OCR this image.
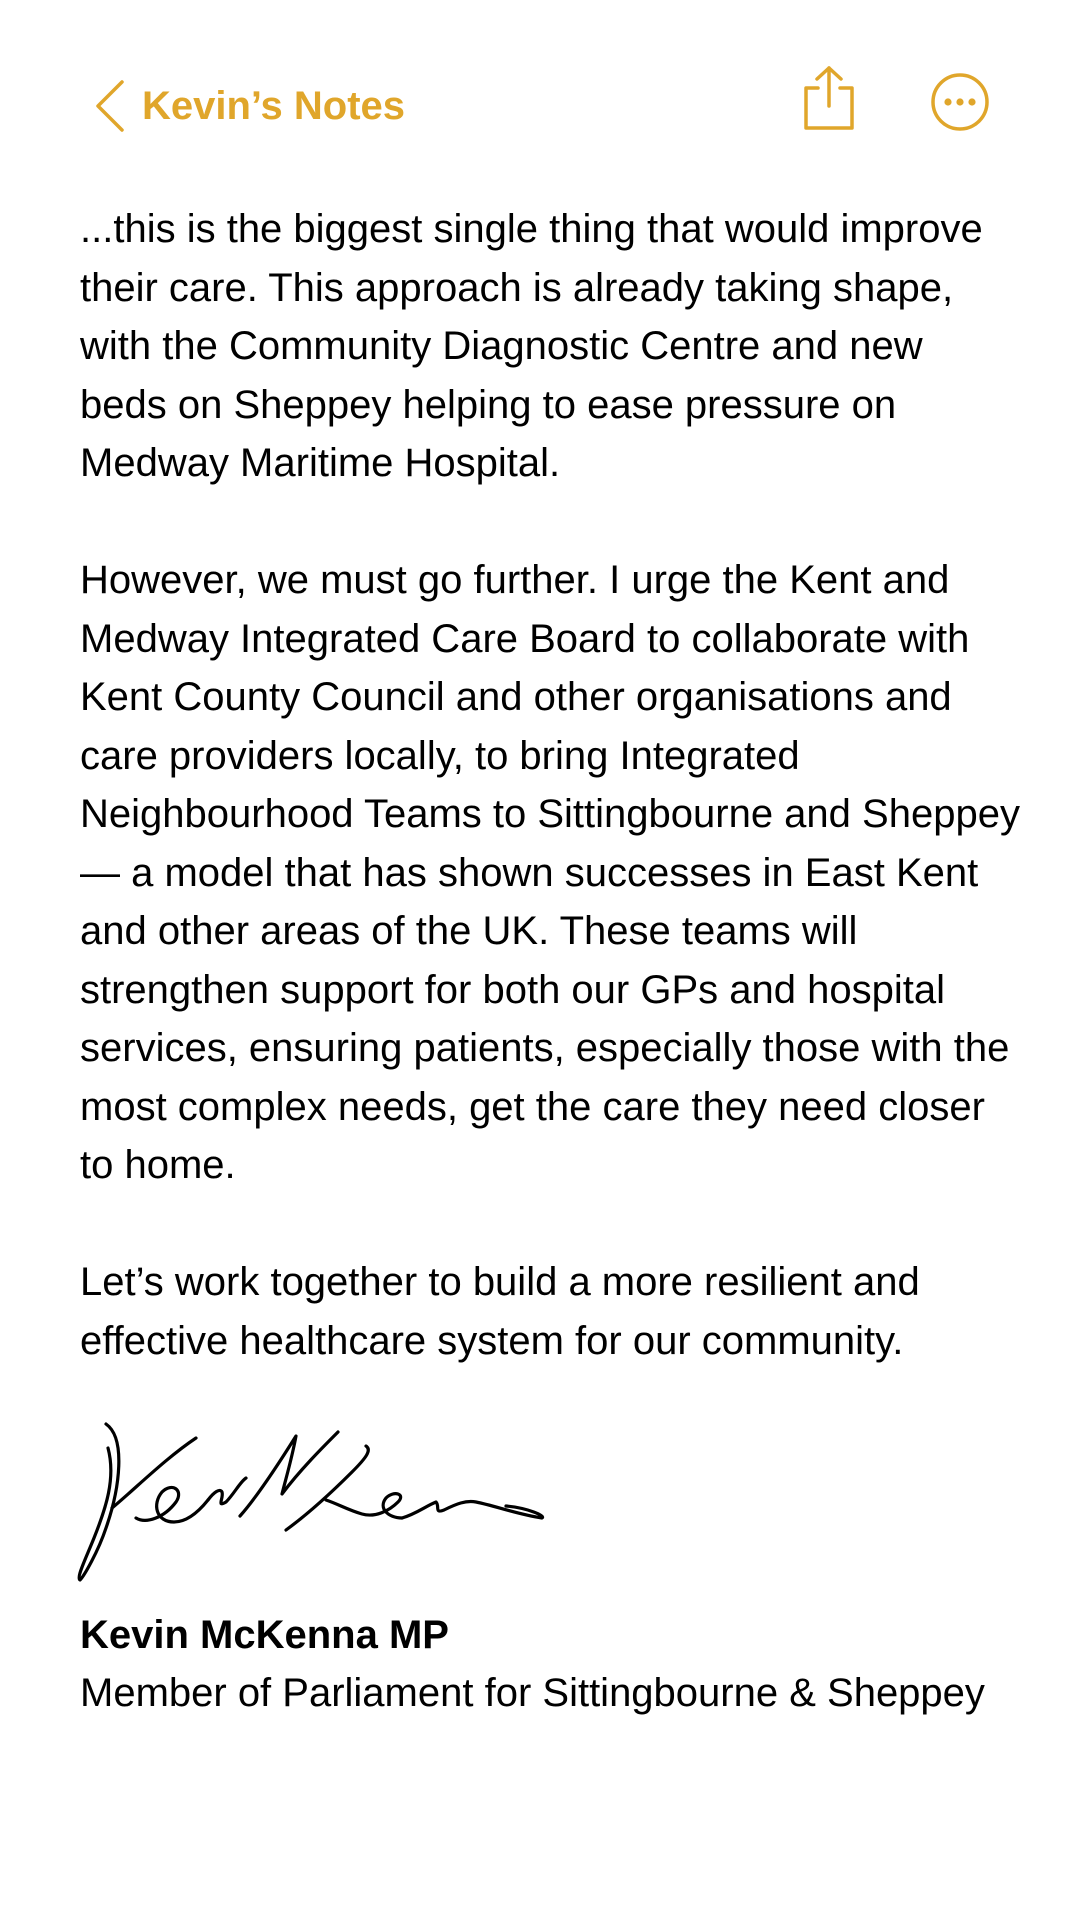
Kevin’s Notes

...this is the biggest single thing that would improve their care. This approach is already taking shape, with the Community Diagnostic Centre and new beds on Sheppey helping to ease pressure on Medway Maritime Hospital.

However, we must go further. I urge the Kent and Medway Integrated Care Board to collaborate with Kent County Council and other organisations and care providers locally, to bring Integrated Neighbourhood Teams to Sittingbourne and Sheppey — a model that has shown successes in East Kent and other areas of the UK. These teams will strengthen support for both our GPs and hospital services, ensuring patients, especially those with the most complex needs, get the care they need closer to home.

Let’s work together to build a more resilient and effective healthcare system for our community.

Kevin McKenna MP
Member of Parliament for Sittingbourne & Sheppey
